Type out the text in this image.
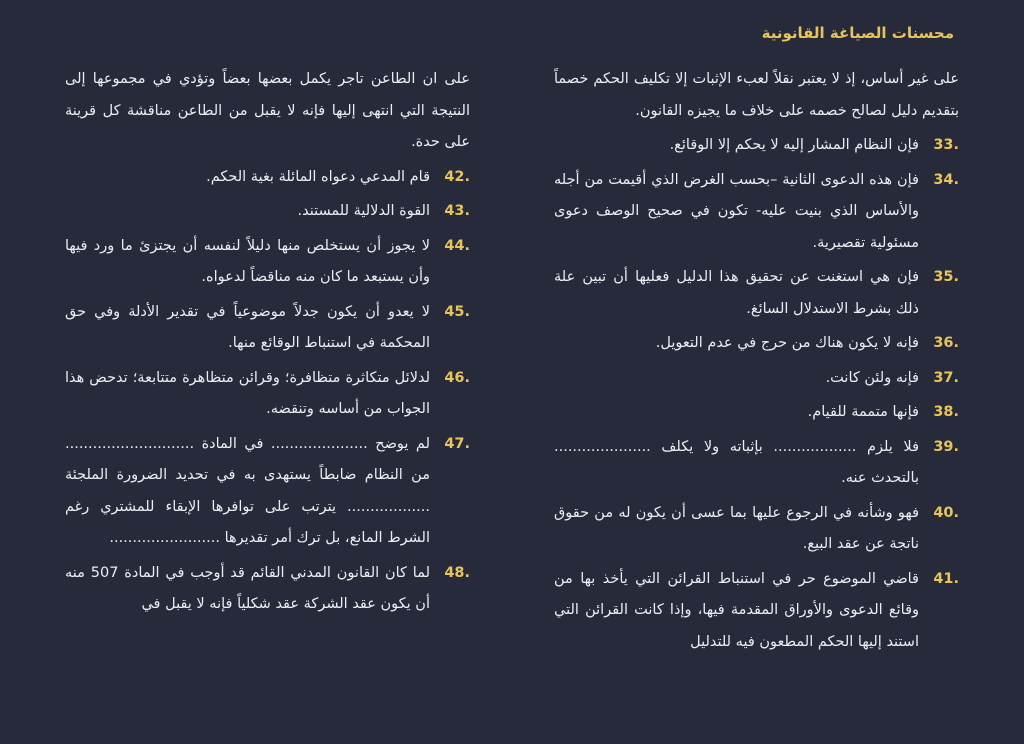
محسنات الصياغة القانونية

على غير أساس، إذ لا يعتبر نقلاً لعبء الإثبات إلا تكليف الحكم خصماً بتقديم دليل لصالح خصمه على خلاف ما يجيزه القانون.

33.
فإن النظام المشار إليه لا يحكم إلا الوقائع.
34.
فإن هذه الدعوى الثانية –بحسب الغرض الذي أقيمت من أجله والأساس الذي بنيت عليه- تكون في صحيح الوصف دعوى مسئولية تقصيرية.
35.
فإن هي استغنت عن تحقيق هذا الدليل فعليها أن تبين علة ذلك بشرط الاستدلال السائغ.
36.
فإنه لا يكون هناك من حرج في عدم التعويل.
37.
فإنه ولئن كانت.
38.
فإنها متممة للقيام.
39.
فلا يلزم .................. بإثباته ولا يكلف ..................... بالتحدث عنه.
40.
فهو وشأنه في الرجوع عليها بما عسى أن يكون له من حقوق ناتجة عن عقد البيع.
41.
قاضي الموضوع حر في استنباط القرائن التي يأخذ بها من وقائع الدعوى والأوراق المقدمة فيها، وإذا كانت القرائن التي استند إليها الحكم المطعون فيه للتدليل

على ان الطاعن تاجر يكمل بعضها بعضاً وتؤدي في مجموعها إلى النتيجة التي انتهى إليها فإنه لا يقبل من الطاعن مناقشة كل قرينة على حدة.

42.
قام المدعي دعواه المائلة بغية الحكم.
43.
القوة الدلالية للمستند.
44.
لا يجوز أن يستخلص منها دليلاً لنفسه أن يجتزئ ما ورد فيها وأن يستبعد ما كان منه مناقضاً لدعواه.
45.
لا يعدو أن يكون جدلاً موضوعياً في تقدير الأدلة وفي حق المحكمة في استنباط الوقائع منها.
46.
لدلائل متكاثرة متظافرة؛ وقرائن متظاهرة متتابعة؛ تدحض هذا الجواب من أساسه وتنقضه.
47.
لم يوضح ..................... في المادة ............................ من النظام ضابطاً يستهدى به في تحديد الضرورة الملجئة .................. يترتب على توافرها الإبقاء للمشتري رغم الشرط المانع، بل ترك أمر تقديرها ........................
48.
لما كان القانون المدني القائم قد أوجب في المادة 507 منه أن يكون عقد الشركة عقد شكلياً فإنه لا يقبل في
